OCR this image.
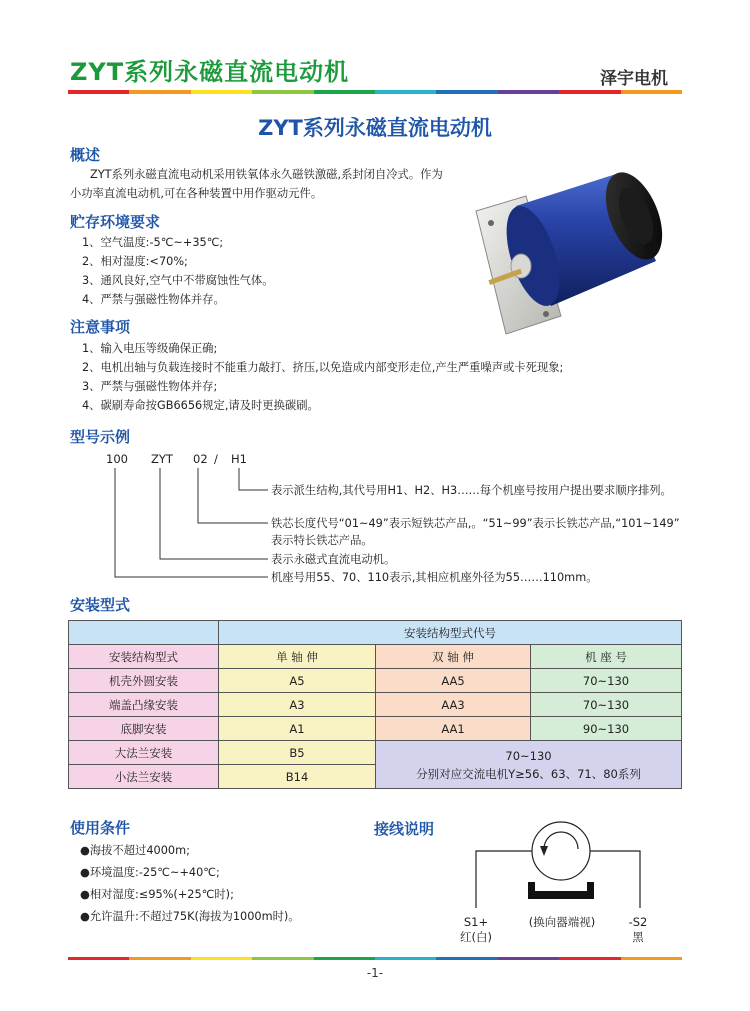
ZYT系列永磁直流电动机	泽宇电机
ZYT系列永磁直流电动机
概述
ZYT系列永磁直流电动机采用铁氧体永久磁铁激磁,系封闭自冷式。作为
小功率直流电动机,可在各种装置中用作驱动元件。
贮存环境要求
1、空气温度:-5℃~+35℃;
2、相对湿度:<70%;
3、通风良好,空气中不带腐蚀性气体。
4、严禁与强磁性物体并存。
注意事项
1、输入电压等级确保正确;
2、电机出轴与负载连接时不能重力敲打、挤压,以免造成内部变形走位,产生严重噪声或卡死现象;
3、严禁与强磁性物体并存;
4、碳刷寿命按GB6656规定,请及时更换碳刷。
型号示例
100 ZYT 02 / H1
表示派生结构,其代号用H1、H2、H3……每个机座号按用户提出要求顺序排列。
铁芯长度代号“01~49”表示短铁芯产品,。“51~99”表示长铁芯产品,“101~149”
表示特长铁芯产品。
表示永磁式直流电动机。
机座号用55、70、110表示,其相应机座外径为55……110mm。
安装型式
	安装结构型式代号		
安装结构型式	单 轴 伸	双 轴 伸	机 座 号
机壳外圆安装	A5	AA5	70~130
端盖凸缘安装	A3	AA3	70~130
底脚安装	A1	AA1	90~130
大法兰安装	B5	70~130
分别对应交流电机Y≥56、63、71、80系列	

小法兰安装	B14		
使用条件
●海拔不超过4000m;
●环境温度:-25℃~+40℃;
●相对湿度:≤95%(+25℃时);
●允许温升:不超过75K(海拔为1000m时)。
接线说明
S1+
红(白)
(换向器端视)	-S2
黑
-1-
